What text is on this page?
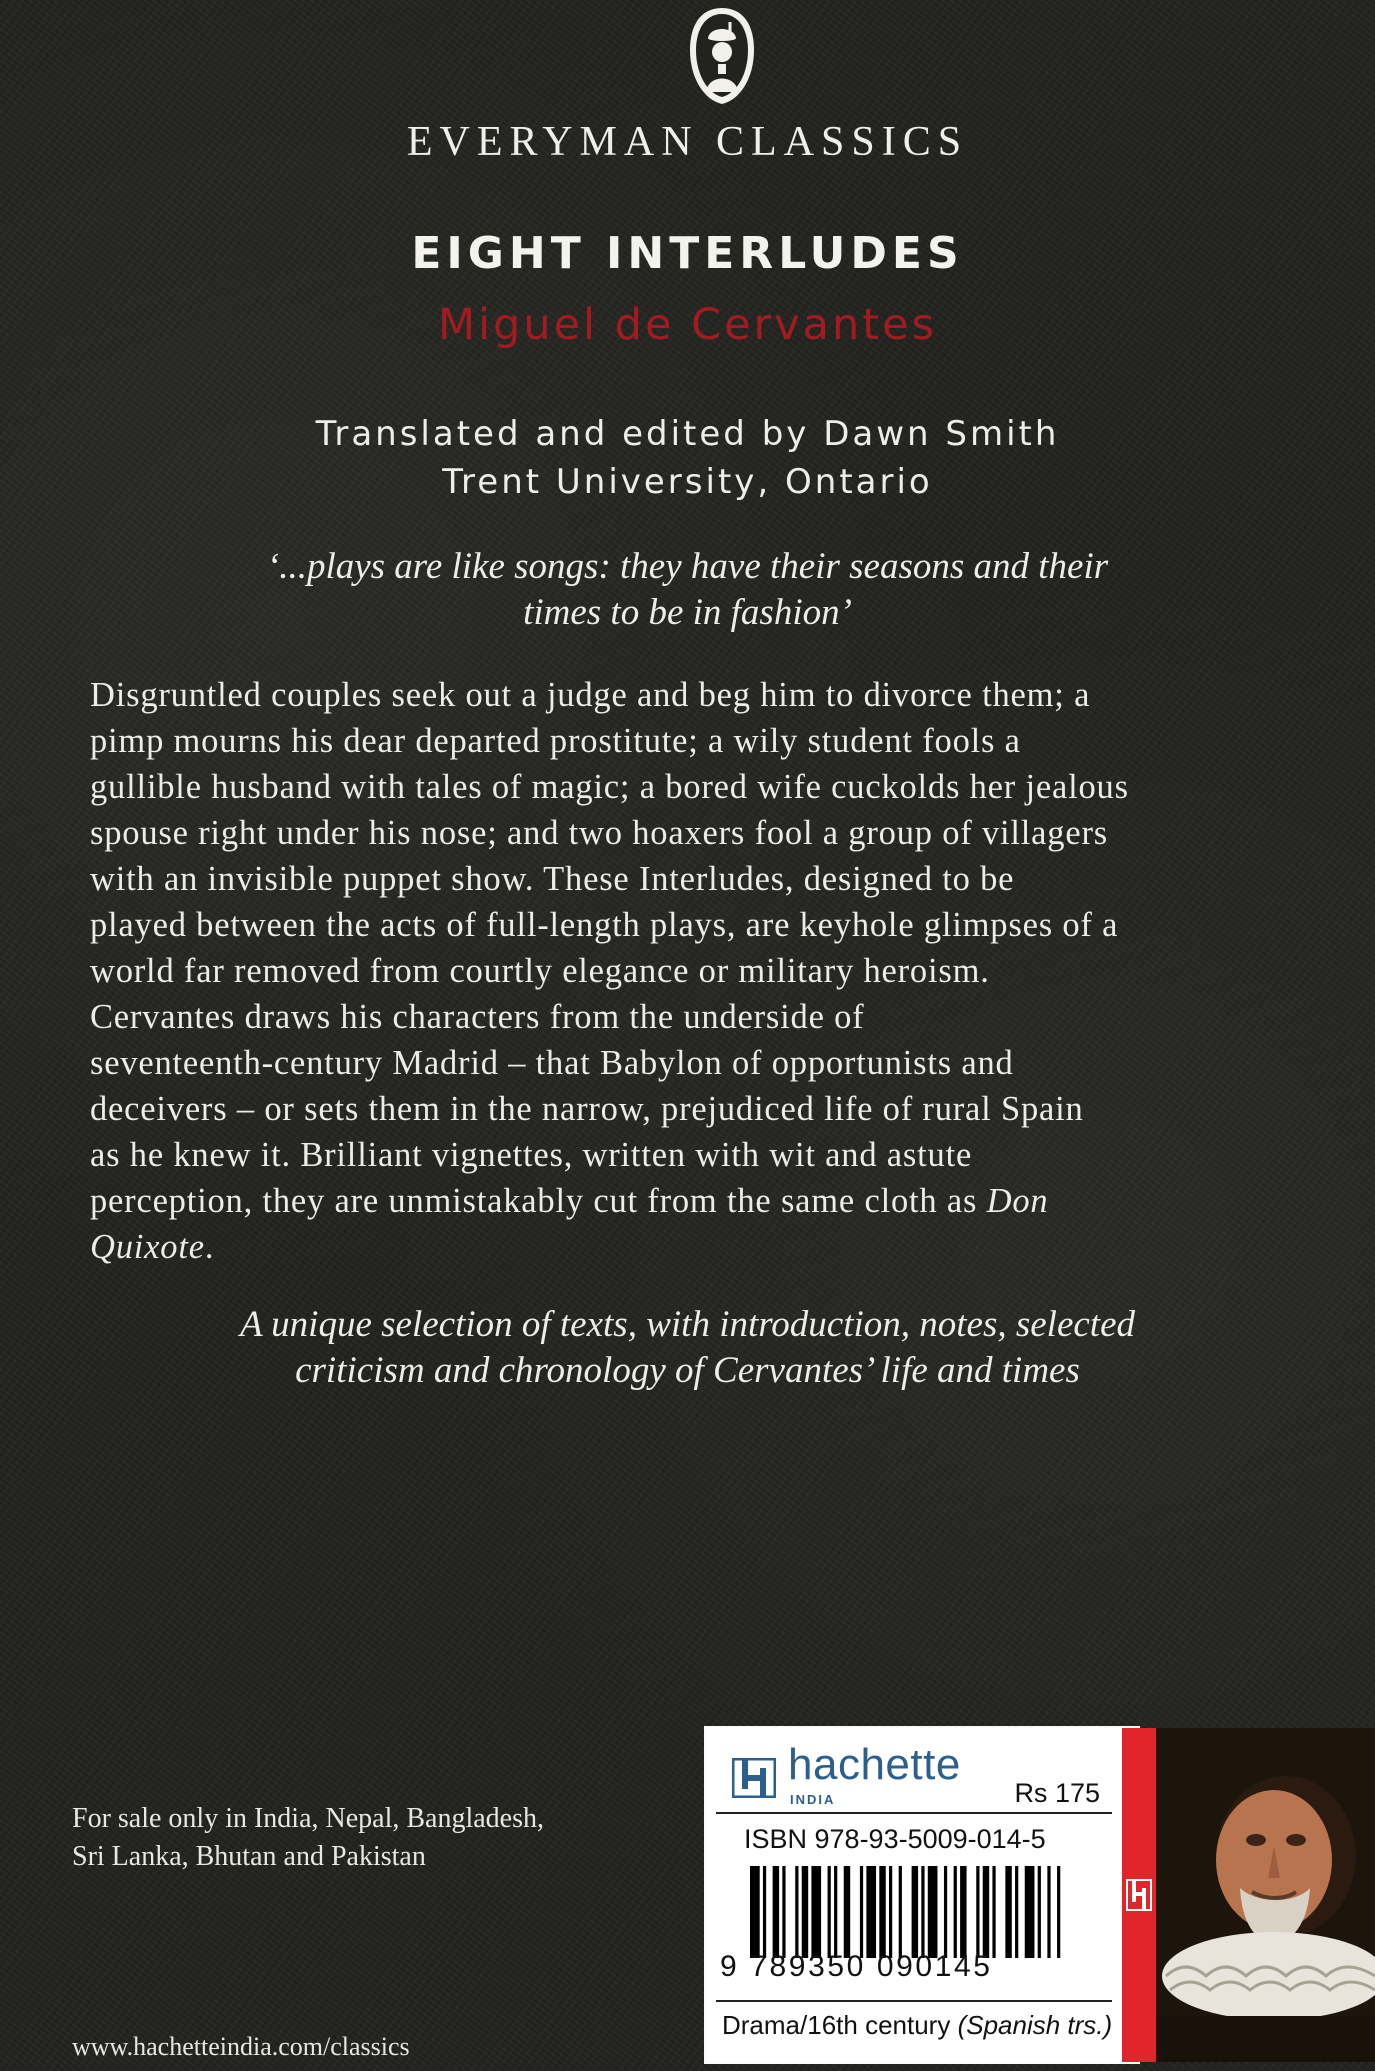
EVERYMAN CLASSICS
EIGHT INTERLUDES
Miguel de Cervantes
Translated and edited by Dawn Smith
Trent University, Ontario
‘...plays are like songs: they have their seasons and their
times to be in fashion’
Disgruntled couples seek out a judge and beg him to divorce them; a
pimp mourns his dear departed prostitute; a wily student fools a
gullible husband with tales of magic; a bored wife cuckolds her jealous
spouse right under his nose; and two hoaxers fool a group of villagers
with an invisible puppet show. These Interludes, designed to be
played between the acts of full-length plays, are keyhole glimpses of a
world far removed from courtly elegance or military heroism.
Cervantes draws his characters from the underside of
seventeenth-century Madrid – that Babylon of opportunists and
deceivers – or sets them in the narrow, prejudiced life of rural Spain
as he knew it. Brilliant vignettes, written with wit and astute
perception, they are unmistakably cut from the same cloth as Don
Quixote.
A unique selection of texts, with introduction, notes, selected
criticism and chronology of Cervantes’ life and times
For sale only in India, Nepal, Bangladesh,
Sri Lanka, Bhutan and Pakistan
www.hachetteindia.com/classics
hachette
INDIA	Rs 175
ISBN 978-93-5009-014-5
9 789350 090145
Drama/16th century (Spanish trs.)
